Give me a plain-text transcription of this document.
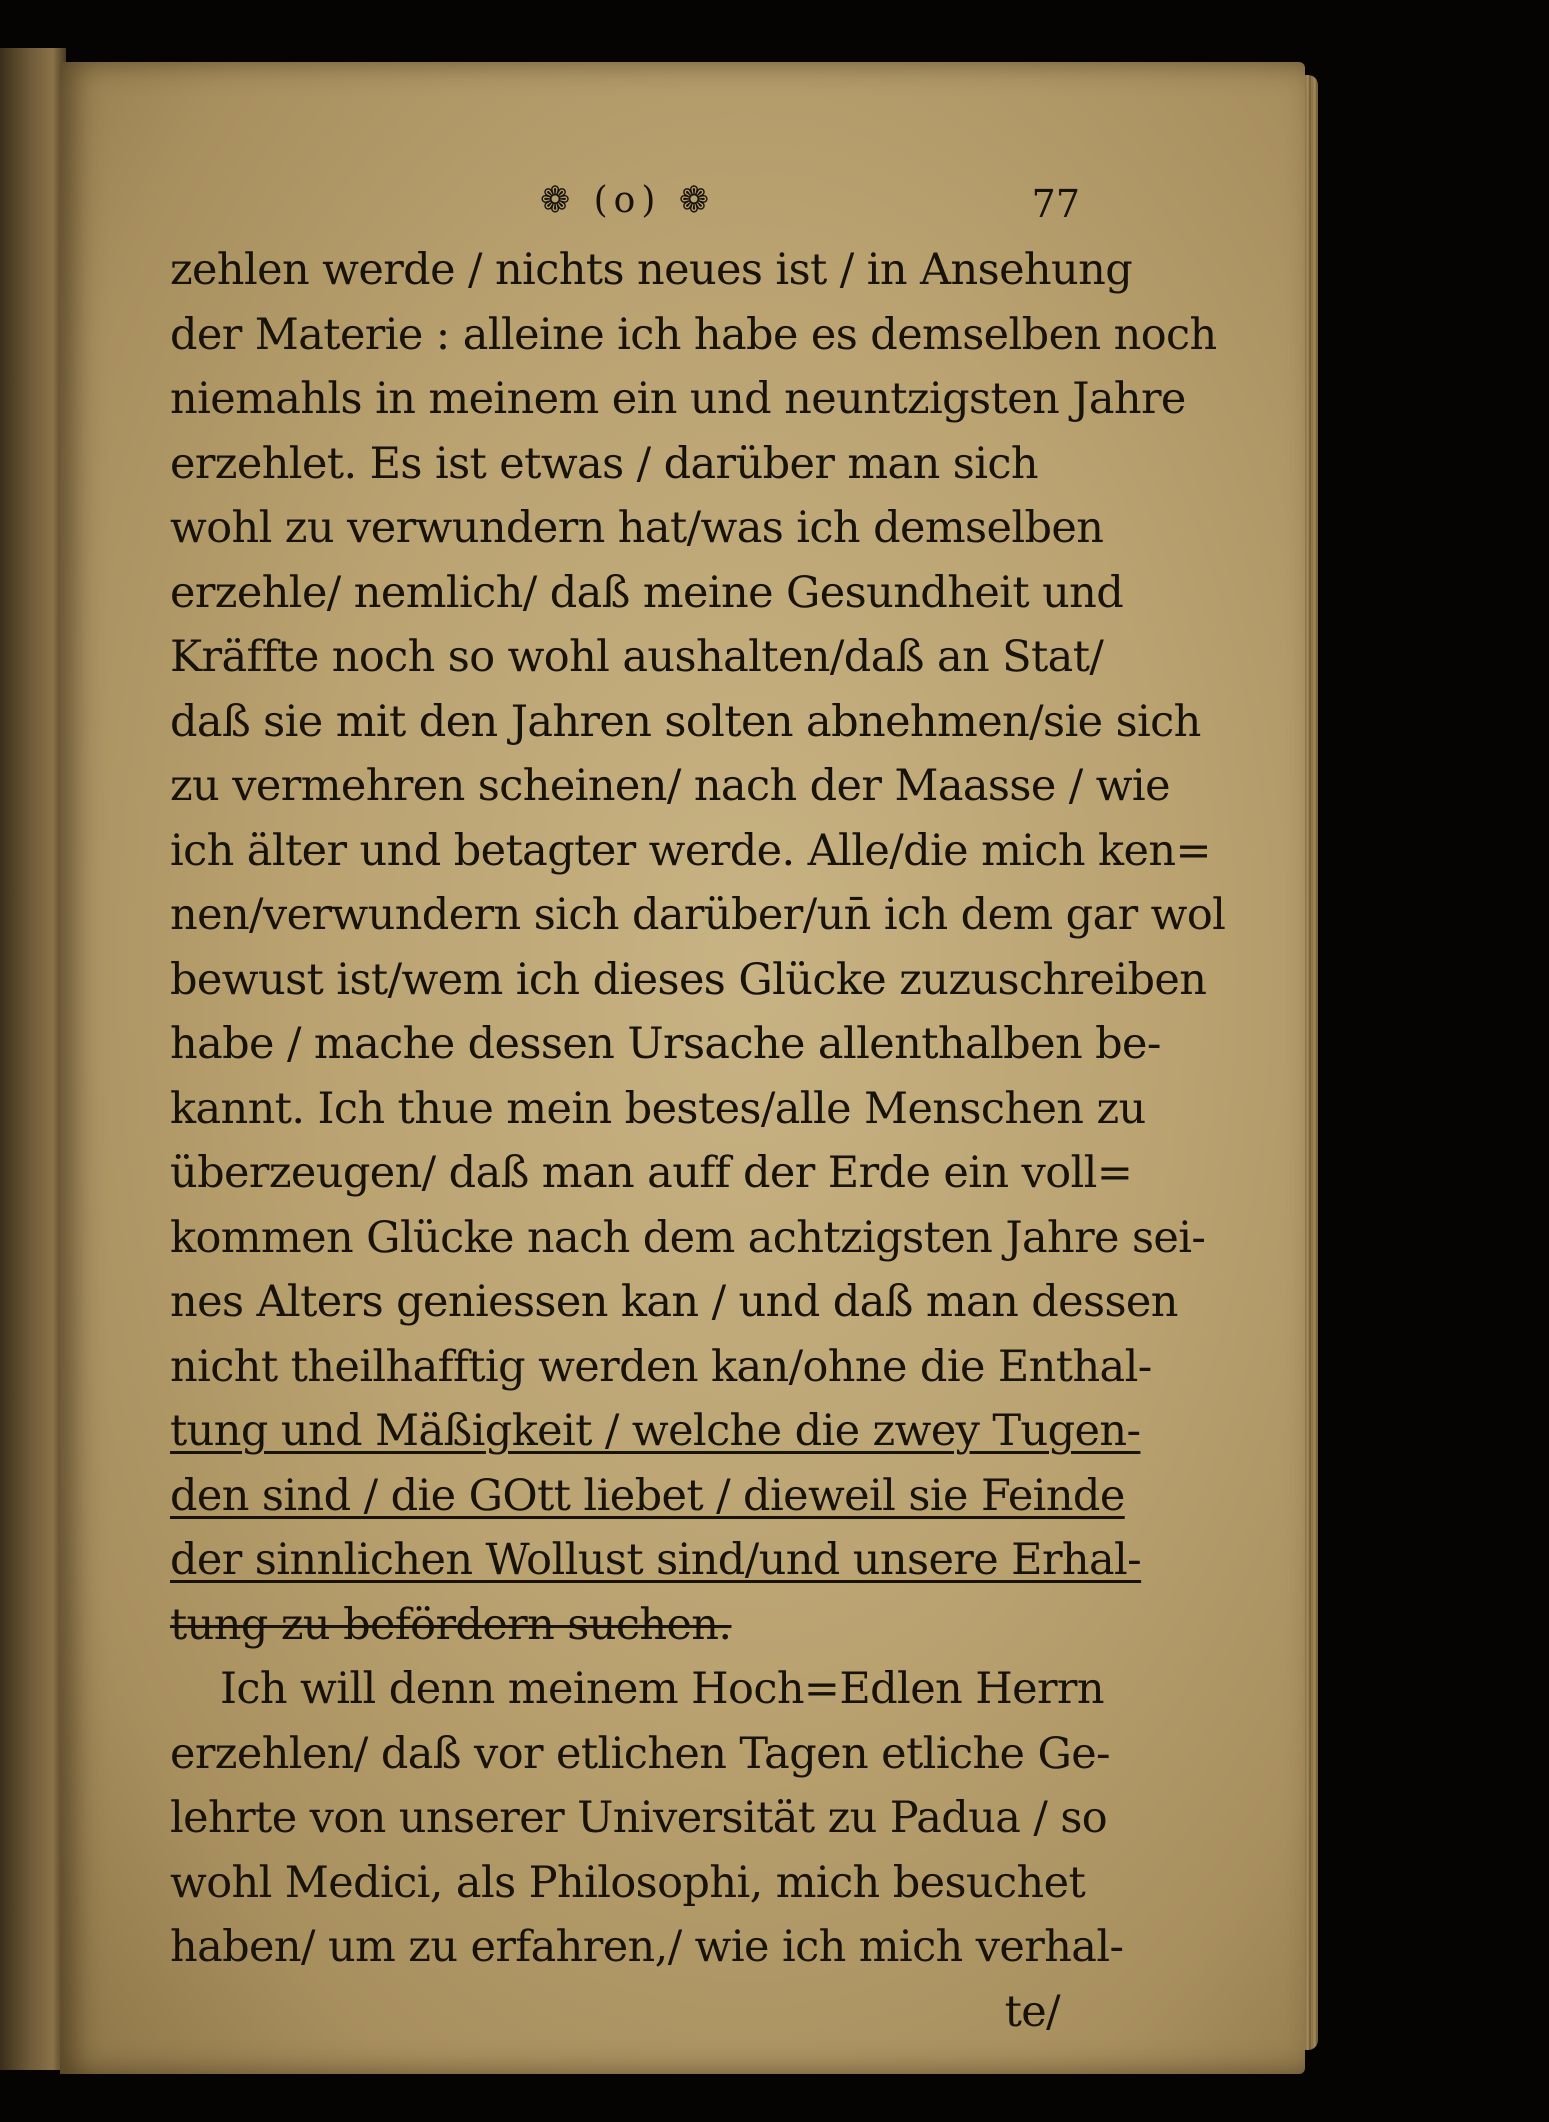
❁ (o) ❁	77
zehlen werde / nichts neues ist / in Ansehung
der Materie : alleine ich habe es demselben noch
niemahls in meinem ein und neuntzigsten Jahre
erzehlet. Es ist etwas / darüber man sich
wohl zu verwundern hat/was ich demselben
erzehle/ nemlich/ daß meine Gesundheit und
Kräffte noch so wohl aushalten/daß an Stat/
daß sie mit den Jahren solten abnehmen/sie sich
zu vermehren scheinen/ nach der Maasse / wie
ich älter und betagter werde. Alle/die mich ken=
nen/verwundern sich darüber/un̄ ich dem gar wol
bewust ist/wem ich dieses Glücke zuzuschreiben
habe / mache dessen Ursache allenthalben be-
kannt. Ich thue mein bestes/alle Menschen zu
überzeugen/ daß man auff der Erde ein voll=
kommen Glücke nach dem achtzigsten Jahre sei-
nes Alters geniessen kan / und daß man dessen
nicht theilhafftig werden kan/ohne die Enthal-
tung und Mäßigkeit / welche die zwey Tugen-
den sind / die GOtt liebet / dieweil sie Feinde
der sinnlichen Wollust sind/und unsere Erhal-
tung zu befördern suchen.
Ich will denn meinem Hoch=Edlen Herrn
erzehlen/ daß vor etlichen Tagen etliche Ge-
lehrte von unserer Universität zu Padua / so
wohl Medici, als Philosophi, mich besuchet
haben/ um zu erfahren,/ wie ich mich verhal-
te/
